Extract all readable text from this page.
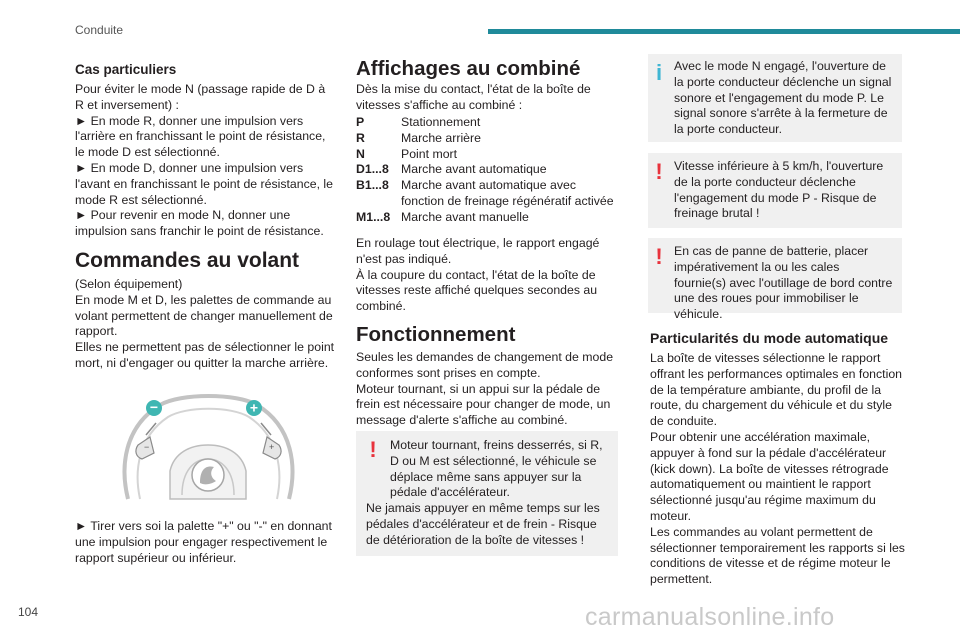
Conduite
Cas particuliers

Pour éviter le mode N (passage rapide de D à R et inversement) :

► En mode R, donner une impulsion vers l'arrière en franchissant le point de résistance, le mode D est sélectionné.

► En mode D, donner une impulsion vers l'avant en franchissant le point de résistance, le mode R est sélectionné.

► Pour revenir en mode N, donner une impulsion sans franchir le point de résistance.

Commandes au volant

(Selon équipement)

En mode M et D, les palettes de commande au volant permettent de changer manuellement de rapport.

Elles ne permettent pas de sélectionner le point mort, ni d'engager ou quitter la marche arrière.

► Tirer vers soi la palette "+" ou "-" en donnant une impulsion pour engager respectivement le rapport supérieur ou inférieur.
−	+
−	+
Affichages au combiné
Dès la mise du contact, l'état de la boîte de vitesses s'affiche au combiné :
P	Stationnement
R	Marche arrière
N	Point mort
D1...8	Marche avant automatique
B1...8	Marche avant automatique avec fonction de freinage régénératif activée
M1...8	Marche avant manuelle

En roulage tout électrique, le rapport engagé n'est pas indiqué.

À la coupure du contact, l'état de la boîte de vitesses reste affiché quelques secondes au combiné.

Fonctionnement

Seules les demandes de changement de mode conformes sont prises en compte.

Moteur tournant, si un appui sur la pédale de frein est nécessaire pour changer de mode, un message d'alerte s'affiche au combiné.

!	Moteur tournant, freins desserrés, si R, D ou M est sélectionné, le véhicule se déplace même sans appuyer sur la pédale d'accélérateur.

Ne jamais appuyer en même temps sur les pédales d'accélérateur et de frein - Risque de détérioration de la boîte de vitesses !

i Avec le mode N engagé, l'ouverture de la porte conducteur déclenche un signal sonore et l'engagement du mode P. Le signal sonore s'arrête à la fermeture de la porte conducteur.

! Vitesse inférieure à 5 km/h, l'ouverture de la porte conducteur déclenche l'engagement du mode P - Risque de freinage brutal !

! En cas de panne de batterie, placer impérativement la ou les cales fournie(s) avec l'outillage de bord contre une des roues pour immobiliser le véhicule.

Particularités du mode automatique

La boîte de vitesses sélectionne le rapport offrant les performances optimales en fonction de la température ambiante, du profil de la route, du chargement du véhicule et du style de conduite.

Pour obtenir une accélération maximale, appuyer à fond sur la pédale d'accélérateur (kick down). La boîte de vitesses rétrograde automatiquement ou maintient le rapport sélectionné jusqu'au régime maximum du moteur.

Les commandes au volant permettent de sélectionner temporairement les rapports si les conditions de vitesse et de régime moteur le permettent.

104	carmanualsonline.info
